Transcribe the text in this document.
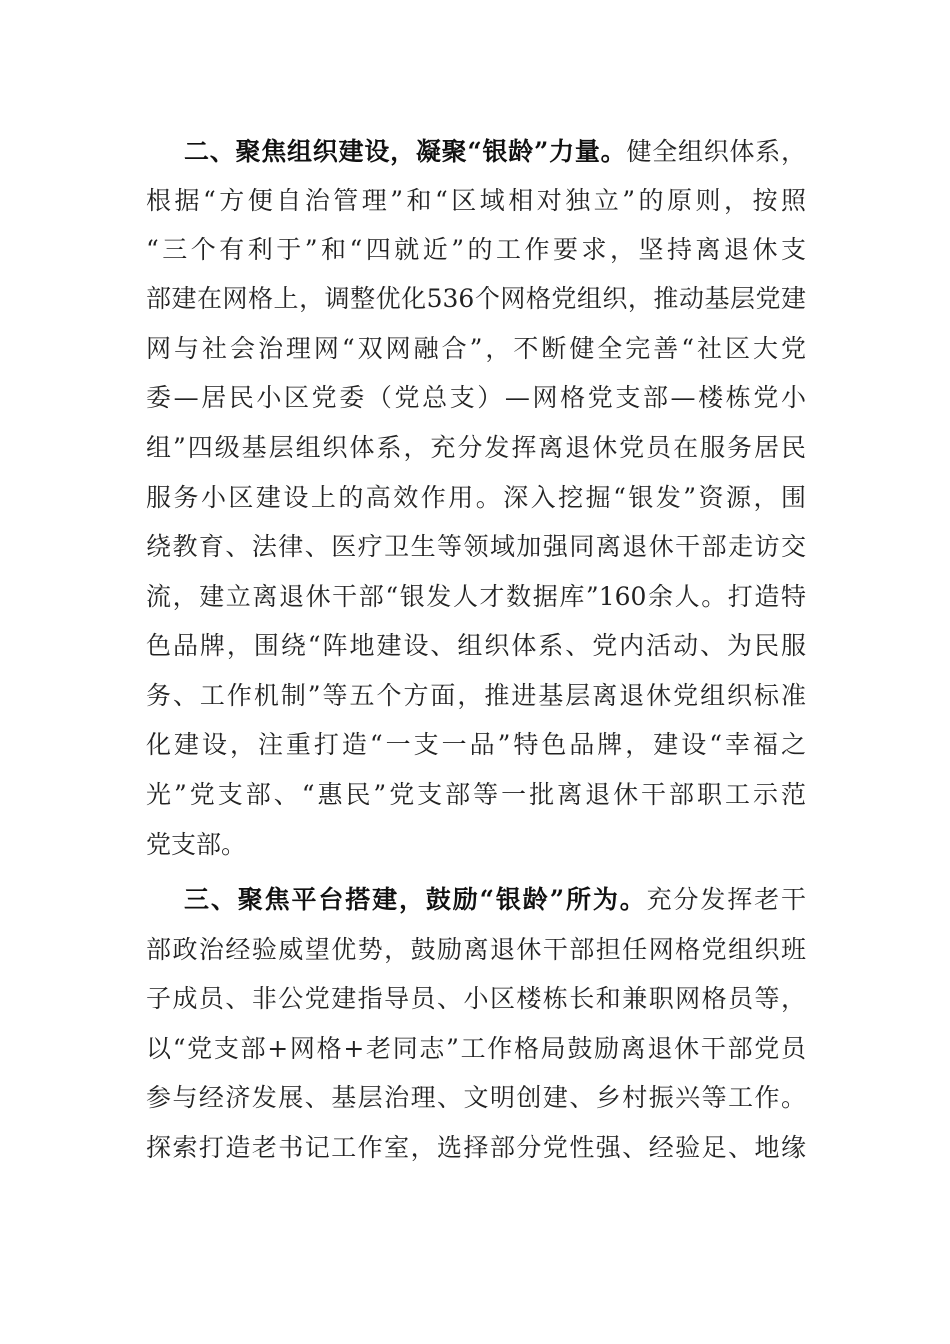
二、聚焦组织建设，凝聚“银龄”力量。健全组织体系，
根据“方便自治管理”和“区域相对独立”的原则，按照
“三个有利于”和“四就近”的工作要求，坚持离退休支
部建在网格上，调整优化536个网格党组织，推动基层党建
网与社会治理网“双网融合”，不断健全完善“社区大党
委—居民小区党委（党总支）—网格党支部—楼栋党小
组”四级基层组织体系，充分发挥离退休党员在服务居民
服务小区建设上的高效作用。深入挖掘“银发”资源，围
绕教育、法律、医疗卫生等领域加强同离退休干部走访交
流，建立离退休干部“银发人才数据库”160余人。打造特
色品牌，围绕“阵地建设、组织体系、党内活动、为民服
务、工作机制”等五个方面，推进基层离退休党组织标准
化建设，注重打造“一支一品”特色品牌，建设“幸福之
光”党支部、“惠民”党支部等一批离退休干部职工示范
党支部。
三、聚焦平台搭建，鼓励“银龄”所为。充分发挥老干
部政治经验威望优势，鼓励离退休干部担任网格党组织班
子成员、非公党建指导员、小区楼栋长和兼职网格员等，
以“党支部+网格+老同志”工作格局鼓励离退休干部党员
参与经济发展、基层治理、文明创建、乡村振兴等工作。
探索打造老书记工作室，选择部分党性强、经验足、地缘
